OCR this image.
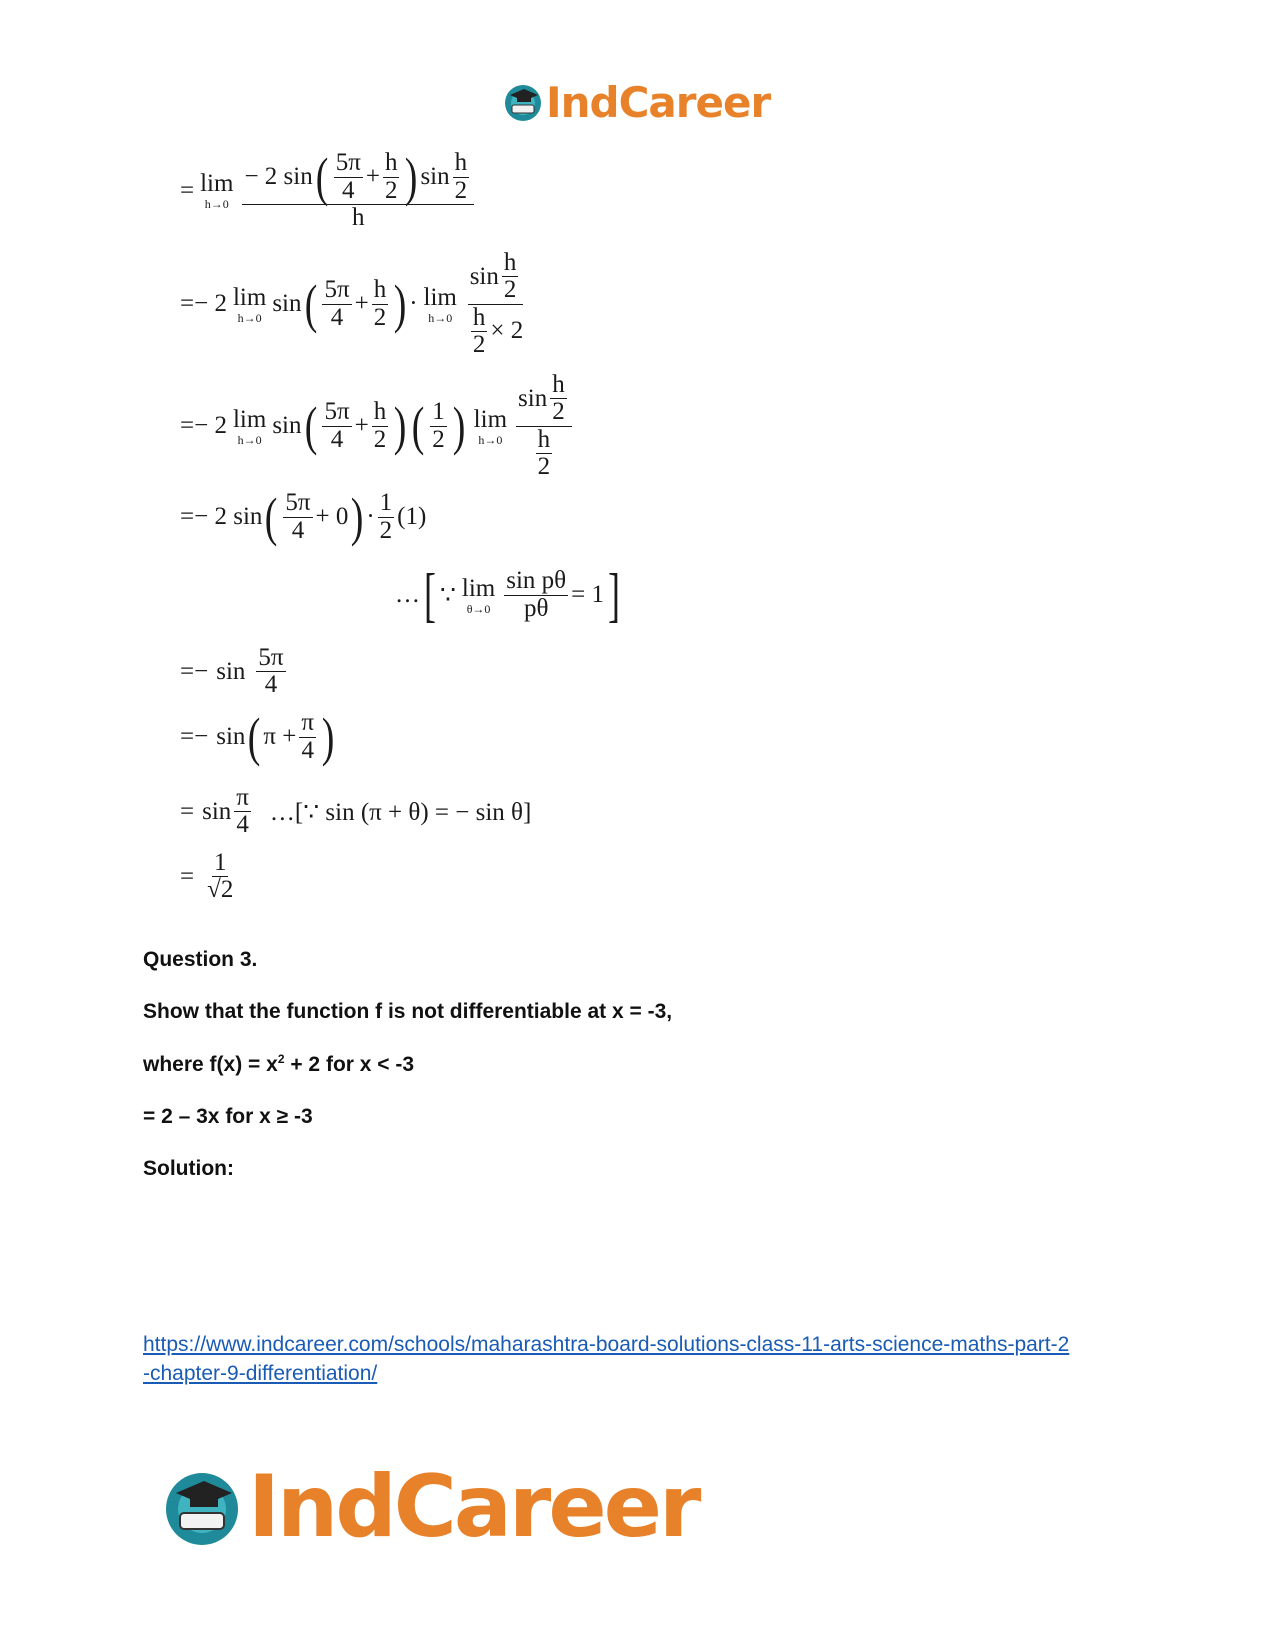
IndCareer
= lim
h→0
− 2 sin ( $\frac{5\pi}{4} + \frac{h}{2}$ ) $\sin \frac{h}{2}$
h
= − 2 lim
h→0
sin ( $\frac{5\pi}{4} + \frac{h}{2}$ ) · lim
$h\to 0 \frac{\sin \frac{h}{2}}{\frac{h}{2} \times 2}$
= − 2 lim
h→0
sin ( $\frac{5\pi}{4} + \frac{h}{2}$ ) ( $\frac{1}{2}$ ) lim
$h\to 0 \frac{\sin \frac{h}{2}}{\frac{h}{2}}$
= − 2 sin ( $\frac{5\pi}{4} + 0$ ) · $\frac{1}{2} (1)$
… [ ∵ lim
$\theta\to 0 \frac{\text{sin pθ}}{p\theta} = 1$ ]
= − $\sin \frac{5\pi}{4}$
= − sin ( $\pi + \frac{\pi}{4}$ )
= $\sin \frac{\pi}{4}$ …[∵ sin (π + θ) = − sin θ]
= $\frac{1}{√2}$
Question 3.
Show that the function f is not differentiable at x = -3,
where $f(x) = x^2 + 2$ for x < -3
= 2 – 3x for x ≥ -3
Solution:
https://www.indcareer.com/schools/maharashtra-board-solutions-class-11-arts-science-maths-part-2-chapter-9-differentiation/
IndCareer
